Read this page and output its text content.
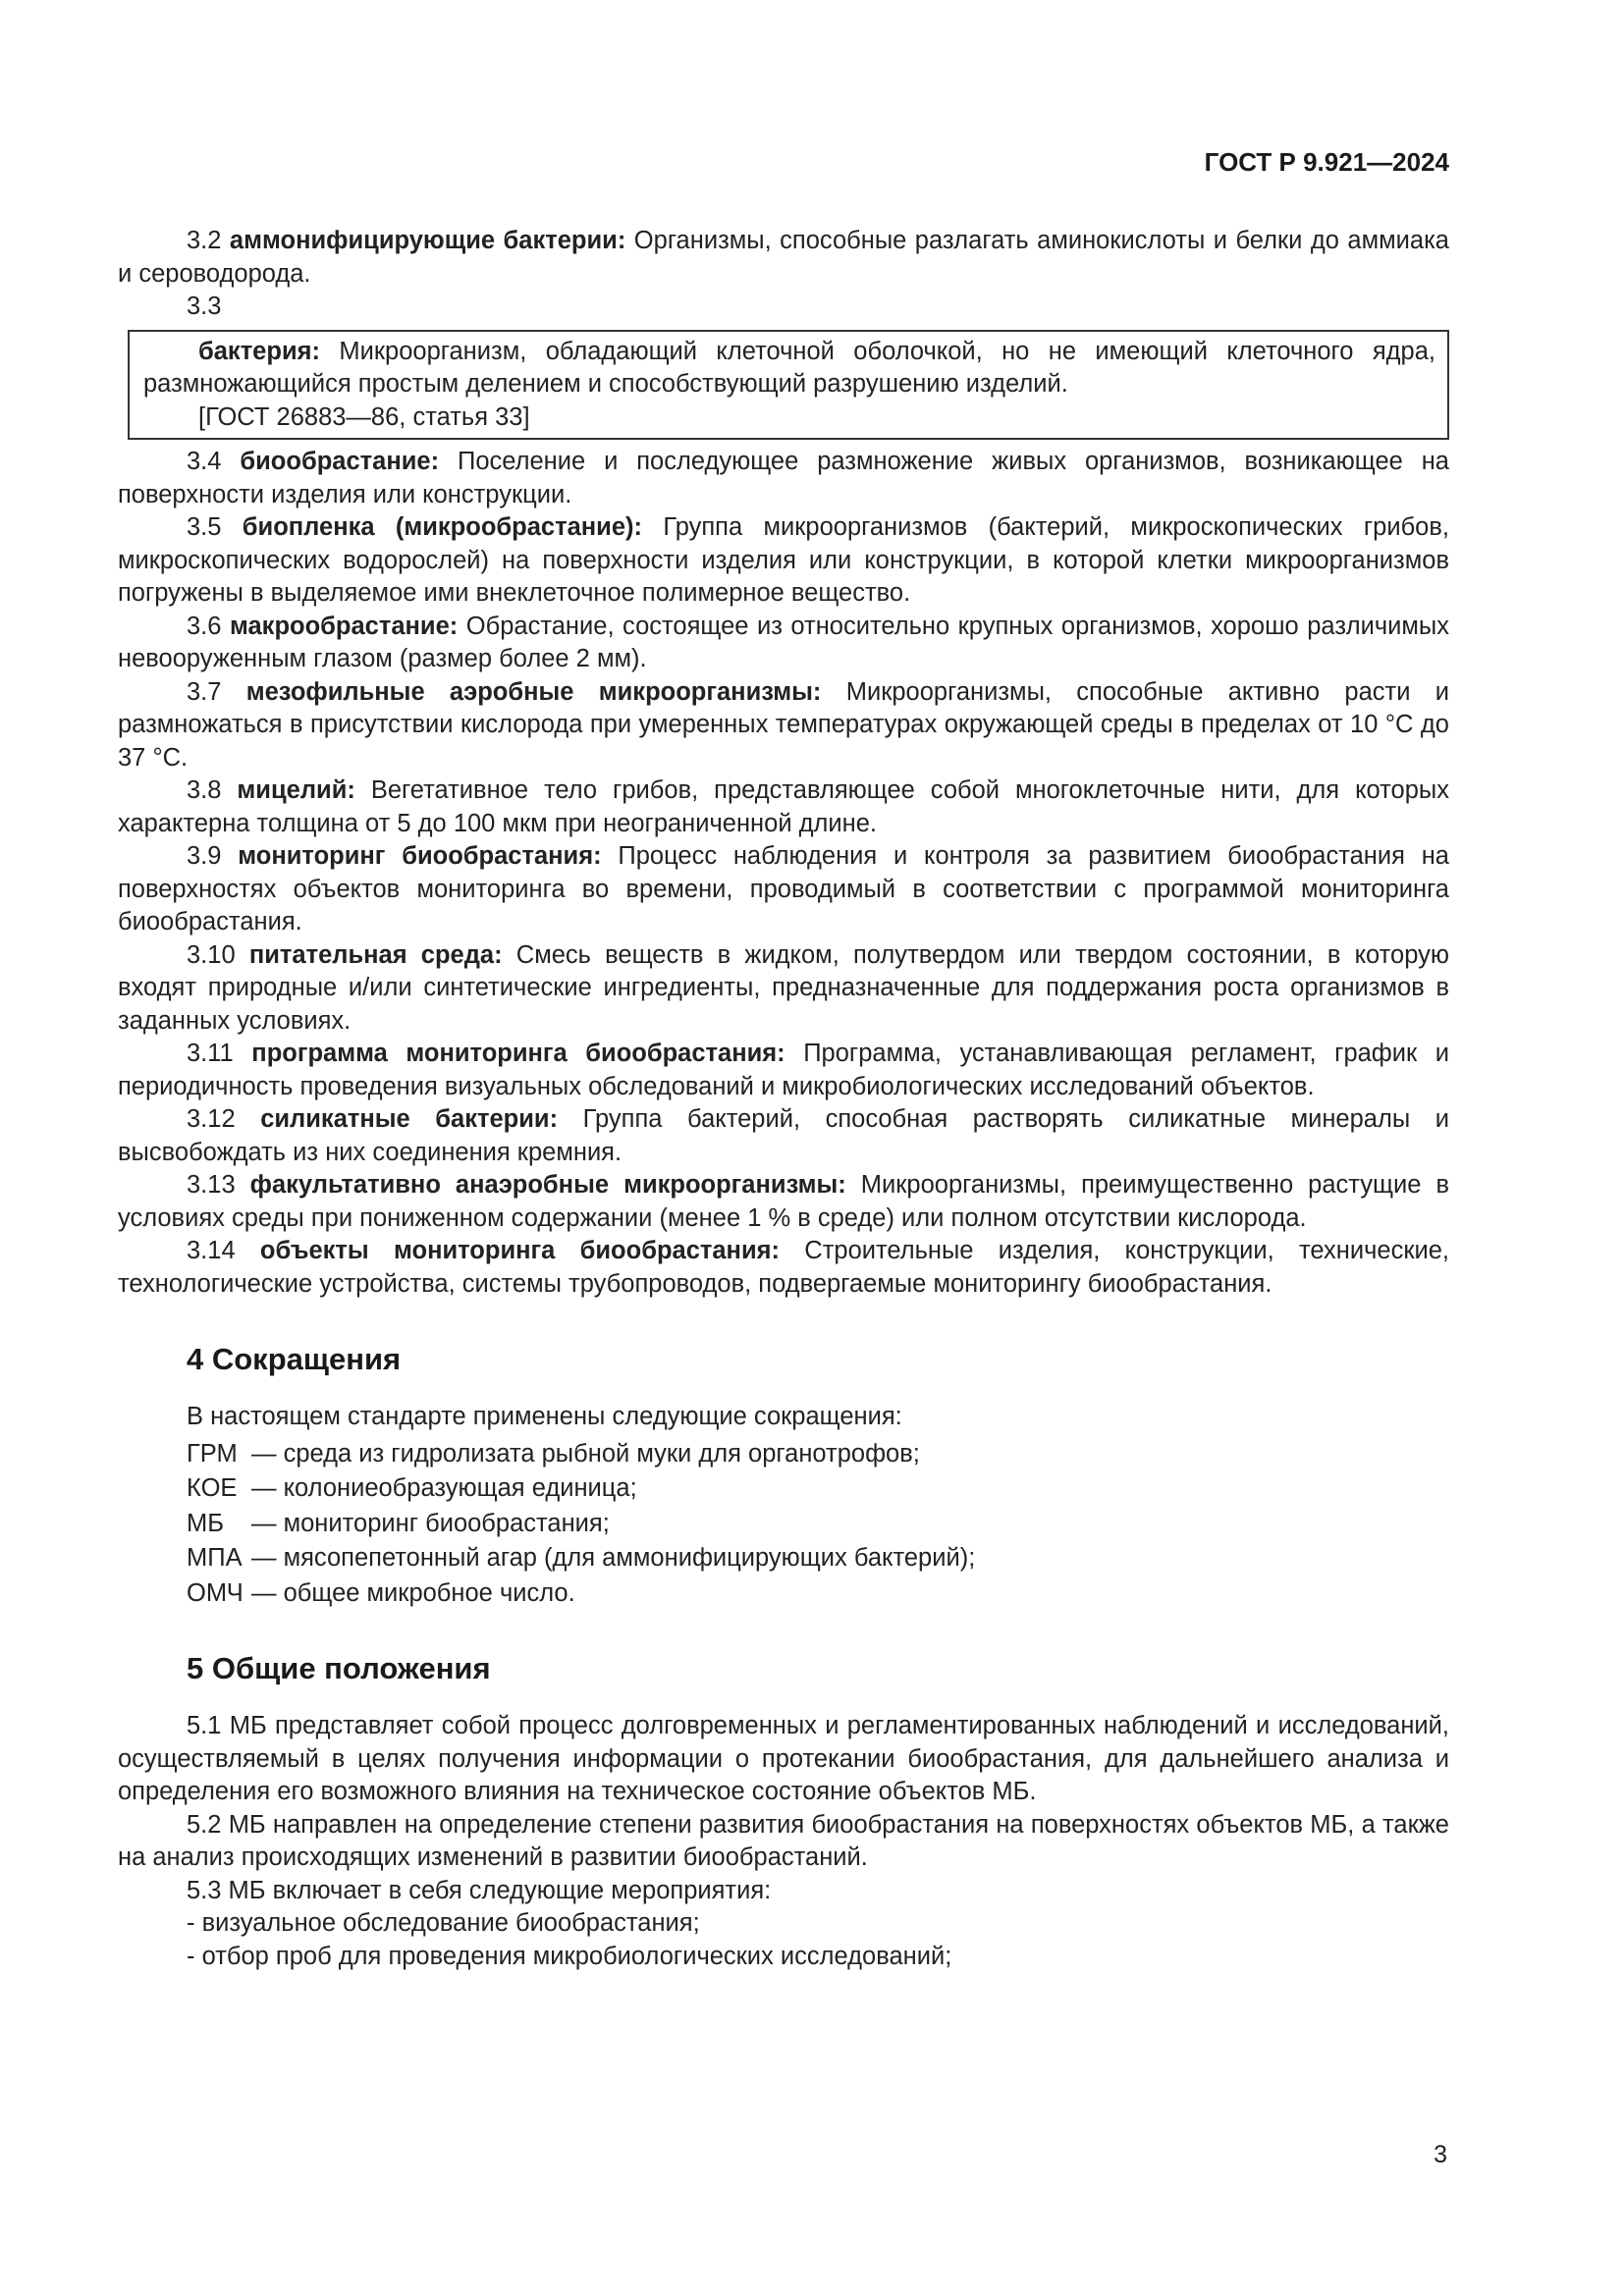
ГОСТ Р 9.921—2024

3.2 аммонифицирующие бактерии: Организмы, способные разлагать аминокислоты и белки до аммиака и сероводорода.

3.3

бактерия: Микроорганизм, обладающий клеточной оболочкой, но не имеющий клеточного ядра, размножающийся простым делением и способствующий разрушению изделий.

[ГОСТ 26883—86, статья 33]

3.4 биообрастание: Поселение и последующее размножение живых организмов, возникающее на поверхности изделия или конструкции.

3.5 биопленка (микрообрастание): Группа микроорганизмов (бактерий, микроскопических грибов, микроскопических водорослей) на поверхности изделия или конструкции, в которой клетки микроорганизмов погружены в выделяемое ими внеклеточное полимерное вещество.

3.6 макрообрастание: Обрастание, состоящее из относительно крупных организмов, хорошо различимых невооруженным глазом (размер более 2 мм).

3.7 мезофильные аэробные микроорганизмы: Микроорганизмы, способные активно расти и размножаться в присутствии кислорода при умеренных температурах окружающей среды в пределах от 10 °С до 37 °С.

3.8 мицелий: Вегетативное тело грибов, представляющее собой многоклеточные нити, для которых характерна толщина от 5 до 100 мкм при неограниченной длине.

3.9 мониторинг биообрастания: Процесс наблюдения и контроля за развитием биообрастания на поверхностях объектов мониторинга во времени, проводимый в соответствии с программой мониторинга биообрастания.

3.10 питательная среда: Смесь веществ в жидком, полутвердом или твердом состоянии, в которую входят природные и/или синтетические ингредиенты, предназначенные для поддержания роста организмов в заданных условиях.

3.11 программа мониторинга биообрастания: Программа, устанавливающая регламент, график и периодичность проведения визуальных обследований и микробиологических исследований объектов.

3.12 силикатные бактерии: Группа бактерий, способная растворять силикатные минералы и высвобождать из них соединения кремния.

3.13 факультативно анаэробные микроорганизмы: Микроорганизмы, преимущественно растущие в условиях среды при пониженном содержании (менее 1 % в среде) или полном отсутствии кислорода.

3.14 объекты мониторинга биообрастания: Строительные изделия, конструкции, технические, технологические устройства, системы трубопроводов, подвергаемые мониторингу биообрастания.

4 Сокращения

В настоящем стандарте применены следующие сокращения:

ГРМ — среда из гидролизата рыбной муки для органотрофов;
КОЕ — колониеобразующая единица;
МБ	— мониторинг биообрастания;
МПА — мясопепетонный агар (для аммонифицирующих бактерий);
ОМЧ — общее микробное число.
5 Общие положения

5.1 МБ представляет собой процесс долговременных и регламентированных наблюдений и исследований, осуществляемый в целях получения информации о протекании биообрастания, для дальнейшего анализа и определения его возможного влияния на техническое состояние объектов МБ.

5.2 МБ направлен на определение степени развития биообрастания на поверхностях объектов МБ, а также на анализ происходящих изменений в развитии биообрастаний.

5.3 МБ включает в себя следующие мероприятия:

- визуальное обследование биообрастания;

- отбор проб для проведения микробиологических исследований;

3
